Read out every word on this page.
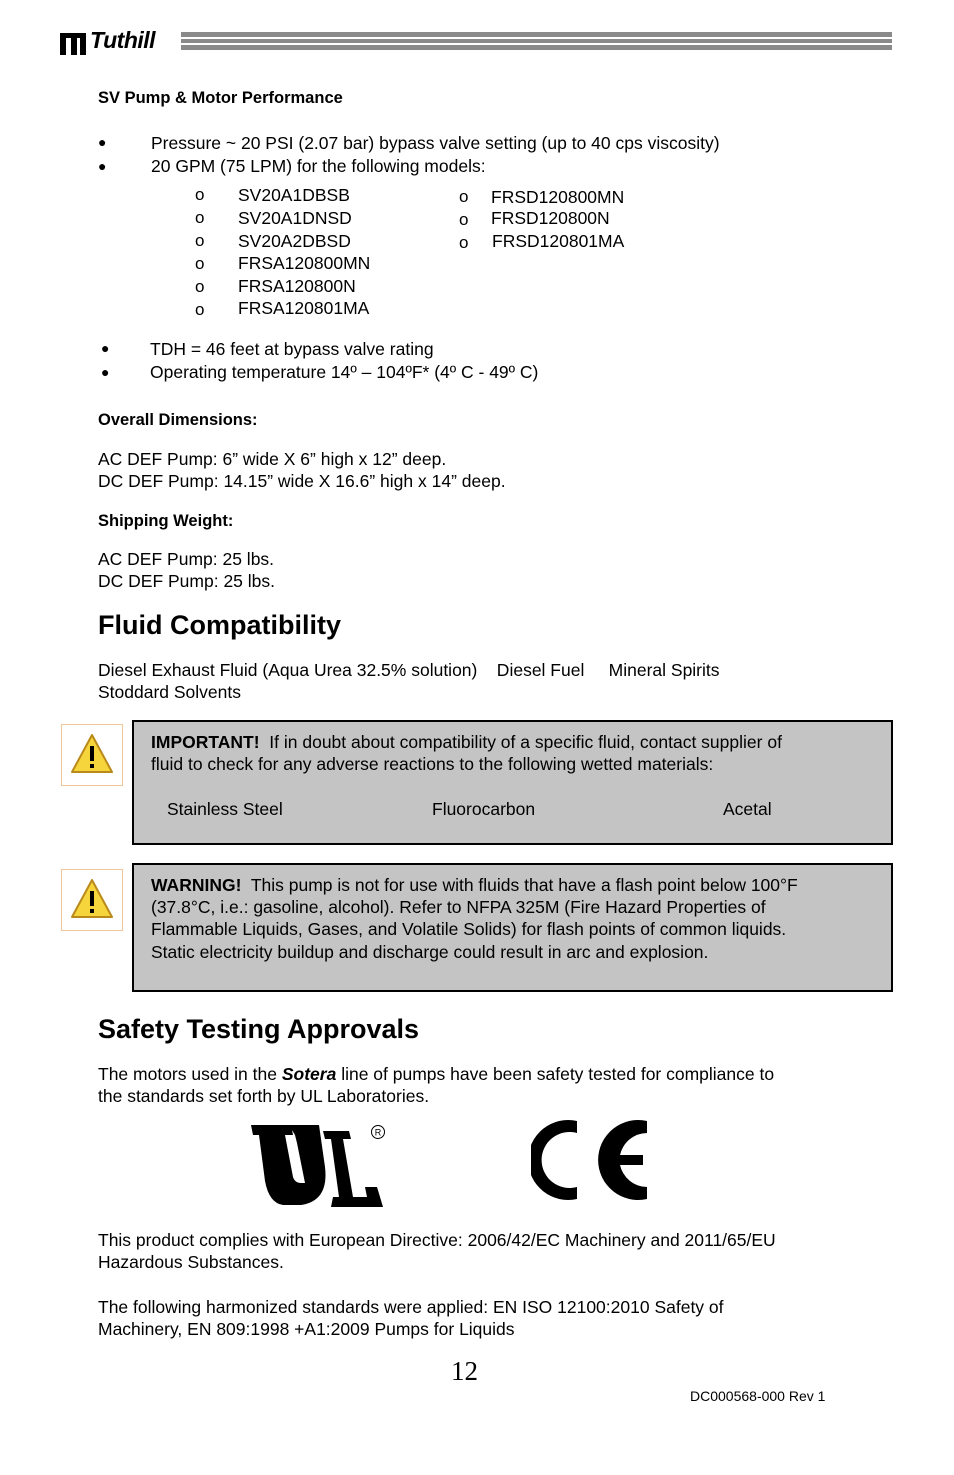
Tuthill
SV Pump & Motor Performance
●	Pressure ~ 20 PSI (2.07 bar) bypass valve setting (up to 40 cps viscosity)
●	20 GPM (75 LPM) for the following models:
o SV20A1DBSB
o SV20A1DNSD
o SV20A2DBSD
o FRSA120800MN
o FRSA120800N
o FRSA120801MA
o FRSD120800MN
o FRSD120800N
o FRSD120801MA
● TDH = 46 feet at bypass valve rating
● Operating temperature 14º – 104ºF* (4º C - 49º C)
Overall Dimensions:
AC DEF Pump: 6” wide X 6” high x 12” deep.
DC DEF Pump: 14.15” wide X 16.6” high x 14” deep.
Shipping Weight:
AC DEF Pump: 25 lbs.
DC DEF Pump: 25 lbs.
Fluid Compatibility
Diesel Exhaust Fluid (Aqua Urea 32.5% solution)    Diesel Fuel     Mineral Spirits
Stoddard Solvents
IMPORTANT! If in doubt about compatibility of a specific fluid, contact supplier of
fluid to check for any adverse reactions to the following wetted materials:
Stainless Steel	Fluorocarbon	Acetal
WARNING! This pump is not for use with fluids that have a flash point below 100°F
(37.8°C, i.e.: gasoline, alcohol). Refer to NFPA 325M (Fire Hazard Properties of
Flammable Liquids, Gases, and Volatile Solids) for flash points of common liquids.
Static electricity buildup and discharge could result in arc and explosion.
Safety Testing Approvals
The motors used in the Sotera line of pumps have been safety tested for compliance to
the standards set forth by UL Laboratories.
R
This product complies with European Directive: 2006/42/EC Machinery and 2011/65/EU
Hazardous Substances.
The following harmonized standards were applied: EN ISO 12100:2010 Safety of
Machinery, EN 809:1998 +A1:2009 Pumps for Liquids
12
DC000568-000 Rev 1
